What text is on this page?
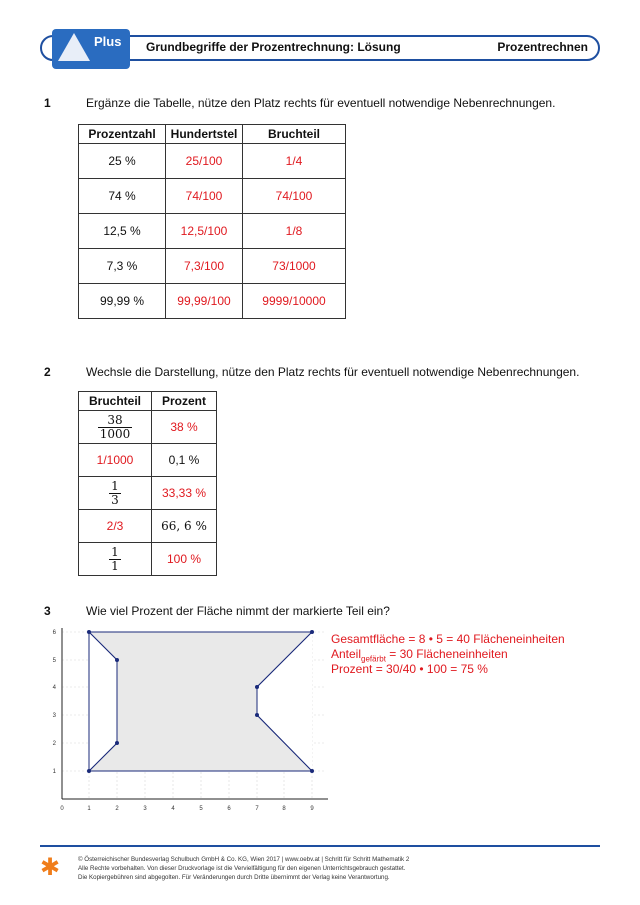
Plus Grundbegriffe der Prozentrechnung: Lösung	Prozentrechnen
1	Ergänze die Tabelle, nütze den Platz rechts für eventuell notwendige Nebenrechnungen.
Prozentzahl	Hundertstel	Bruchteil
25 %	25/100	1/4
74 %	74/100	74/100
12,5 %	12,5/100	1/8
7,3 %	7,3/100	73/1000
99,99 %	99,99/100	9999/10000
2	Wechsle die Darstellung, nütze den Platz rechts für eventuell notwendige Nebenrechnungen.
Bruchteil	Prozent

$\frac{38}{1000}$	38 %
1/1000	0,1 %

$\frac{1}{3}$	33,33 %
2/3	66, 6̇ %

$\frac{1}{1}$	100 %
3	Wie viel Prozent der Fläche nimmt der markierte Teil ein?
0	1	2	3	4	5	6	7	8	9
1
2
3
4
5
6	Gesamtfläche = 8 • 5 = 40 Flächeneinheiten
Anteil$_{gefärbt}$ = 30 Flächeneinheiten
Prozent = 30/40 • 100 = 75 %
✱	© Österreichischer Bundesverlag Schulbuch GmbH & Co. KG, Wien 2017 | www.oebv.at | Schritt für Schritt Mathematik 2
Alle Rechte vorbehalten. Von dieser Druckvorlage ist die Vervielfältigung für den eigenen Unterrichtsgebrauch gestattet.
Die Kopiergebühren sind abgegolten. Für Veränderungen durch Dritte übernimmt der Verlag keine Verantwortung.
